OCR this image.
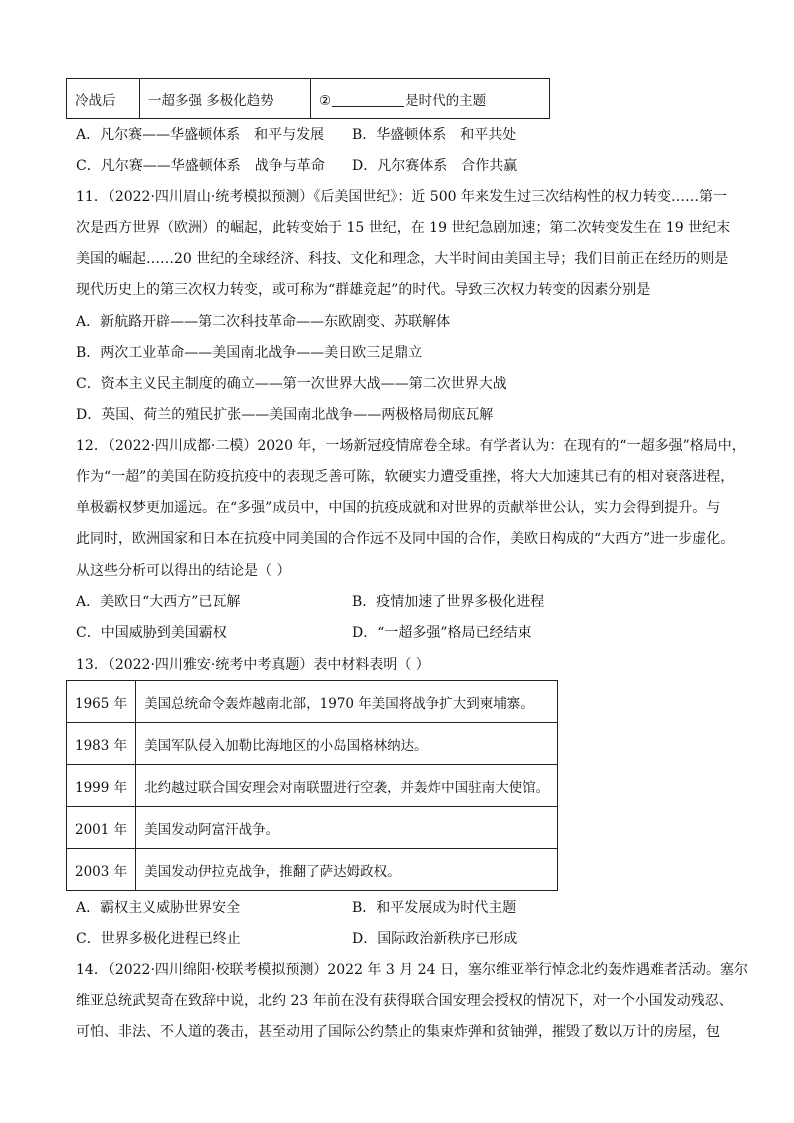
冷战后	一超多强 多极化趋势	②	是时代的主题
A．凡尔赛——华盛顿体系　和平与发展 B．华盛顿体系　和平共处
C．凡尔赛——华盛顿体系　战争与革命 D．凡尔赛体系　合作共赢
11．（2022·四川眉山·统考模拟预测）《后美国世纪》：近 500 年来发生过三次结构性的权力转变……第一
次是西方世界（欧洲）的崛起，此转变始于 15 世纪，在 19 世纪急剧加速；第二次转变发生在 19 世纪末
美国的崛起……20 世纪的全球经济、科技、文化和理念，大半时间由美国主导；我们目前正在经历的则是
现代历史上的第三次权力转变，或可称为“群雄竞起”的时代。导致三次权力转变的因素分别是
A．新航路开辟——第二次科技革命——东欧剧变、苏联解体
B．两次工业革命——美国南北战争——美日欧三足鼎立
C．资本主义民主制度的确立——第一次世界大战——第二次世界大战
D．英国、荷兰的殖民扩张——美国南北战争——两极格局彻底瓦解
12．（2022·四川成都·二模）2020 年，一场新冠疫情席卷全球。有学者认为：在现有的“一超多强”格局中，
作为“一超”的美国在防疫抗疫中的表现乏善可陈，软硬实力遭受重挫，将大大加速其已有的相对衰落进程，
单极霸权梦更加遥远。在“多强”成员中，中国的抗疫成就和对世界的贡献举世公认，实力会得到提升。与
此同时，欧洲国家和日本在抗疫中同美国的合作远不及同中国的合作，美欧日构成的“大西方”进一步虚化。
从这些分析可以得出的结论是（ ）
A．美欧日“大西方”已瓦解	B．疫情加速了世界多极化进程
C．中国威胁到美国霸权	D．“一超多强”格局已经结束
13．（2022·四川雅安·统考中考真题）表中材料表明（ ）
1965 年	美国总统命令轰炸越南北部，1970 年美国将战争扩大到柬埔寨。
1983 年	美国军队侵入加勒比海地区的小岛国格林纳达。
1999 年	北约越过联合国安理会对南联盟进行空袭，并轰炸中国驻南大使馆。
2001 年	美国发动阿富汗战争。
2003 年	美国发动伊拉克战争，推翻了萨达姆政权。
A．霸权主义威胁世界安全	B．和平发展成为时代主题
C．世界多极化进程已终止	D．国际政治新秩序已形成
14．（2022·四川绵阳·校联考模拟预测）2022 年 3 月 24 日，塞尔维亚举行悼念北约轰炸遇难者活动。塞尔
维亚总统武契奇在致辞中说，北约 23 年前在没有获得联合国安理会授权的情况下，对一个小国发动残忍、
可怕、非法、不人道的袭击，甚至动用了国际公约禁止的集束炸弹和贫铀弹，摧毁了数以万计的房屋，包
